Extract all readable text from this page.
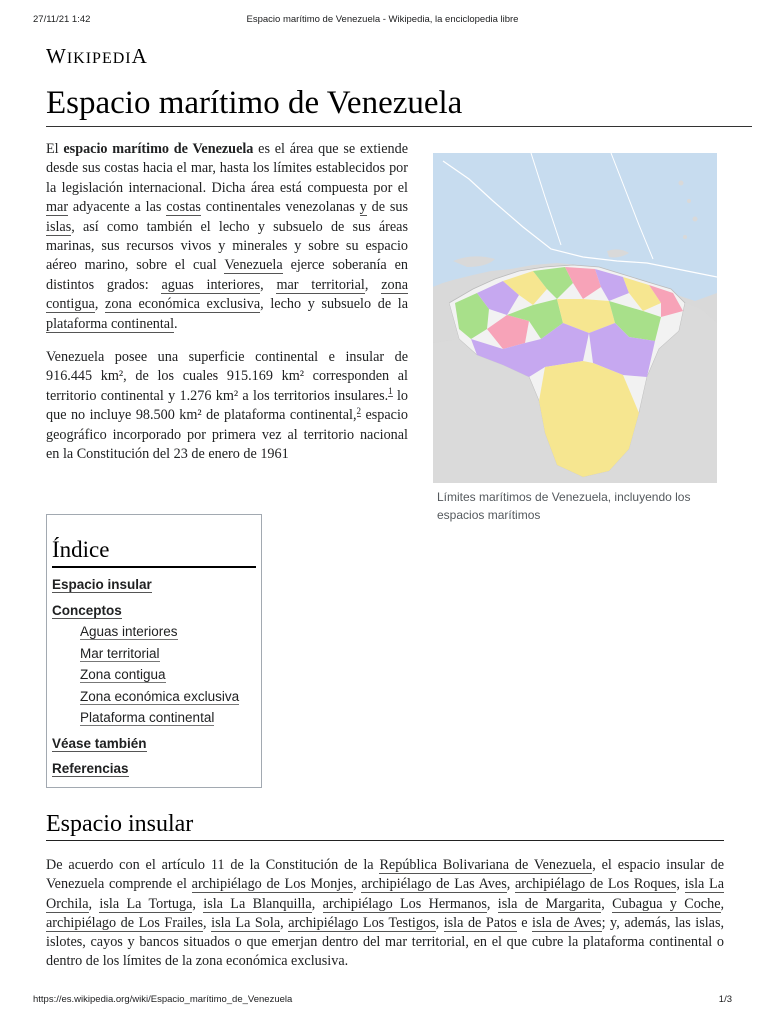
27/11/21 1:42	Espacio marítimo de Venezuela - Wikipedia, la enciclopedia libre
WIKIPEDIA
Espacio marítimo de Venezuela

El espacio marítimo de Venezuela es el área que se extiende desde sus costas hacia el mar, hasta los límites establecidos por la legislación internacional. Dicha área está compuesta por el mar adyacente a las costas continentales venezolanas y de sus islas, así como también el lecho y subsuelo de sus áreas marinas, sus recursos vivos y minerales y sobre su espacio aéreo marino, sobre el cual Venezuela ejerce soberanía en distintos grados: aguas interiores, mar territorial, zona contigua, zona económica exclusiva, lecho y subsuelo de la plataforma continental.

Venezuela posee una superficie continental e insular de 916.445 km², de los cuales 915.169 km² corresponden al territorio continental y 1.276 km² a los territorios insulares.$^1$ lo que no incluye 98.500 km² de plataforma continental,$^2$ espacio geográfico incorporado por primera vez al territorio nacional en la Constitución del 23 de enero de 1961

Límites marítimos de Venezuela, incluyendo los espacios marítimos
Índice
Espacio insular
Conceptos
Aguas interiores
Mar territorial
Zona contigua
Zona económica exclusiva
Plataforma continental
Véase también
Referencias
Espacio insular

De acuerdo con el artículo 11 de la Constitución de la República Bolivariana de Venezuela, el espacio insular de Venezuela comprende el archipiélago de Los Monjes, archipiélago de Las Aves, archipiélago de Los Roques, isla La Orchila, isla La Tortuga, isla La Blanquilla, archipiélago Los Hermanos, isla de Margarita, Cubagua y Coche, archipiélago de Los Frailes, isla La Sola, archipiélago Los Testigos, isla de Patos e isla de Aves; y, además, las islas, islotes, cayos y bancos situados o que emerjan dentro del mar territorial, en el que cubre la plataforma continental o dentro de los límites de la zona económica exclusiva.

https://es.wikipedia.org/wiki/Espacio_marítimo_de_Venezuela	1/3
